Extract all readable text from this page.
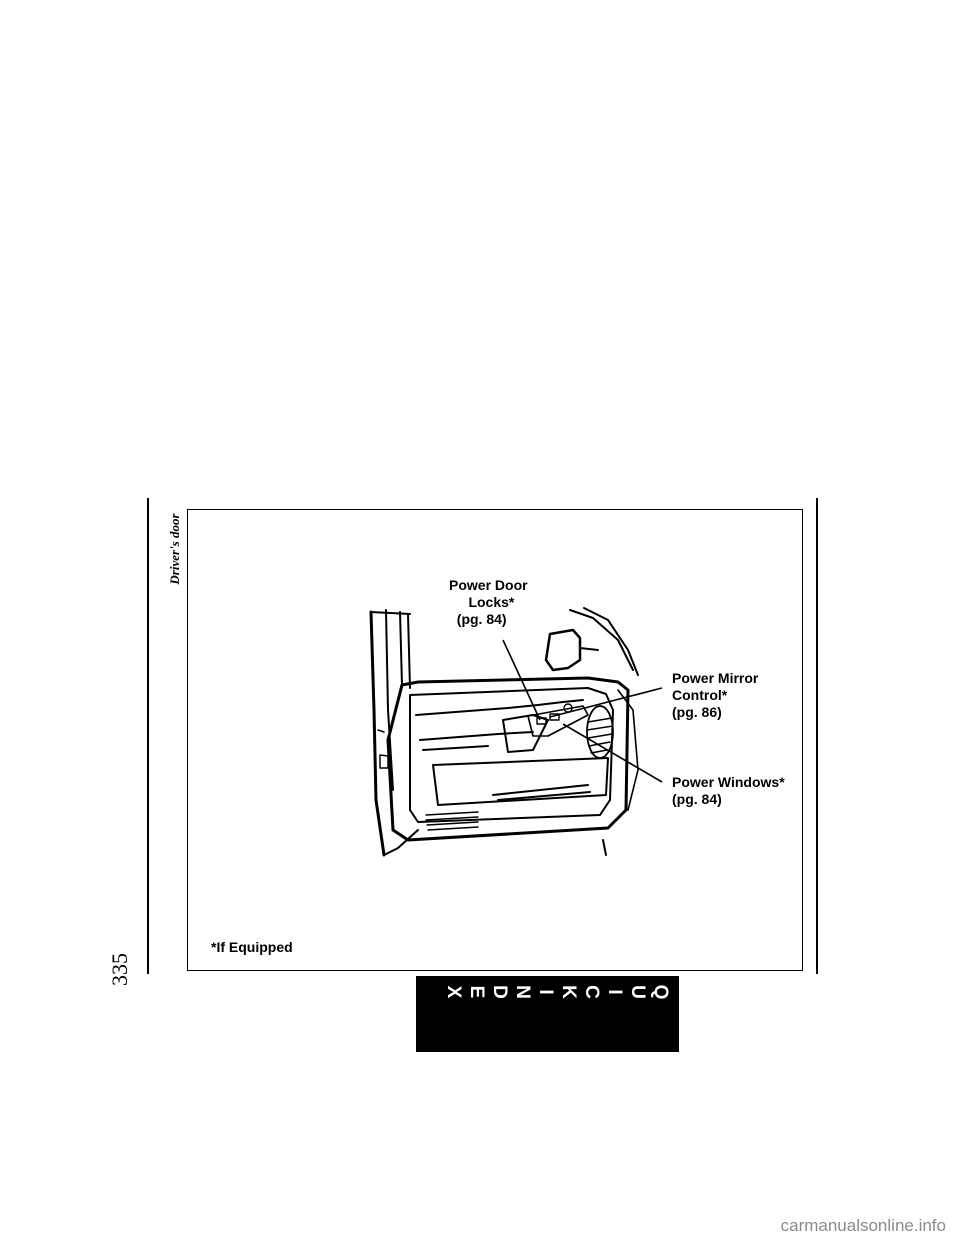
335
Driver's door
Power Door
Locks*
(pg. 84)
Power Mirror
Control*
(pg. 86)
Power Windows*
(pg. 84)
*If Equipped
Q
U
I
C
K
I
N
D
E
X
carmanualsonline.info
